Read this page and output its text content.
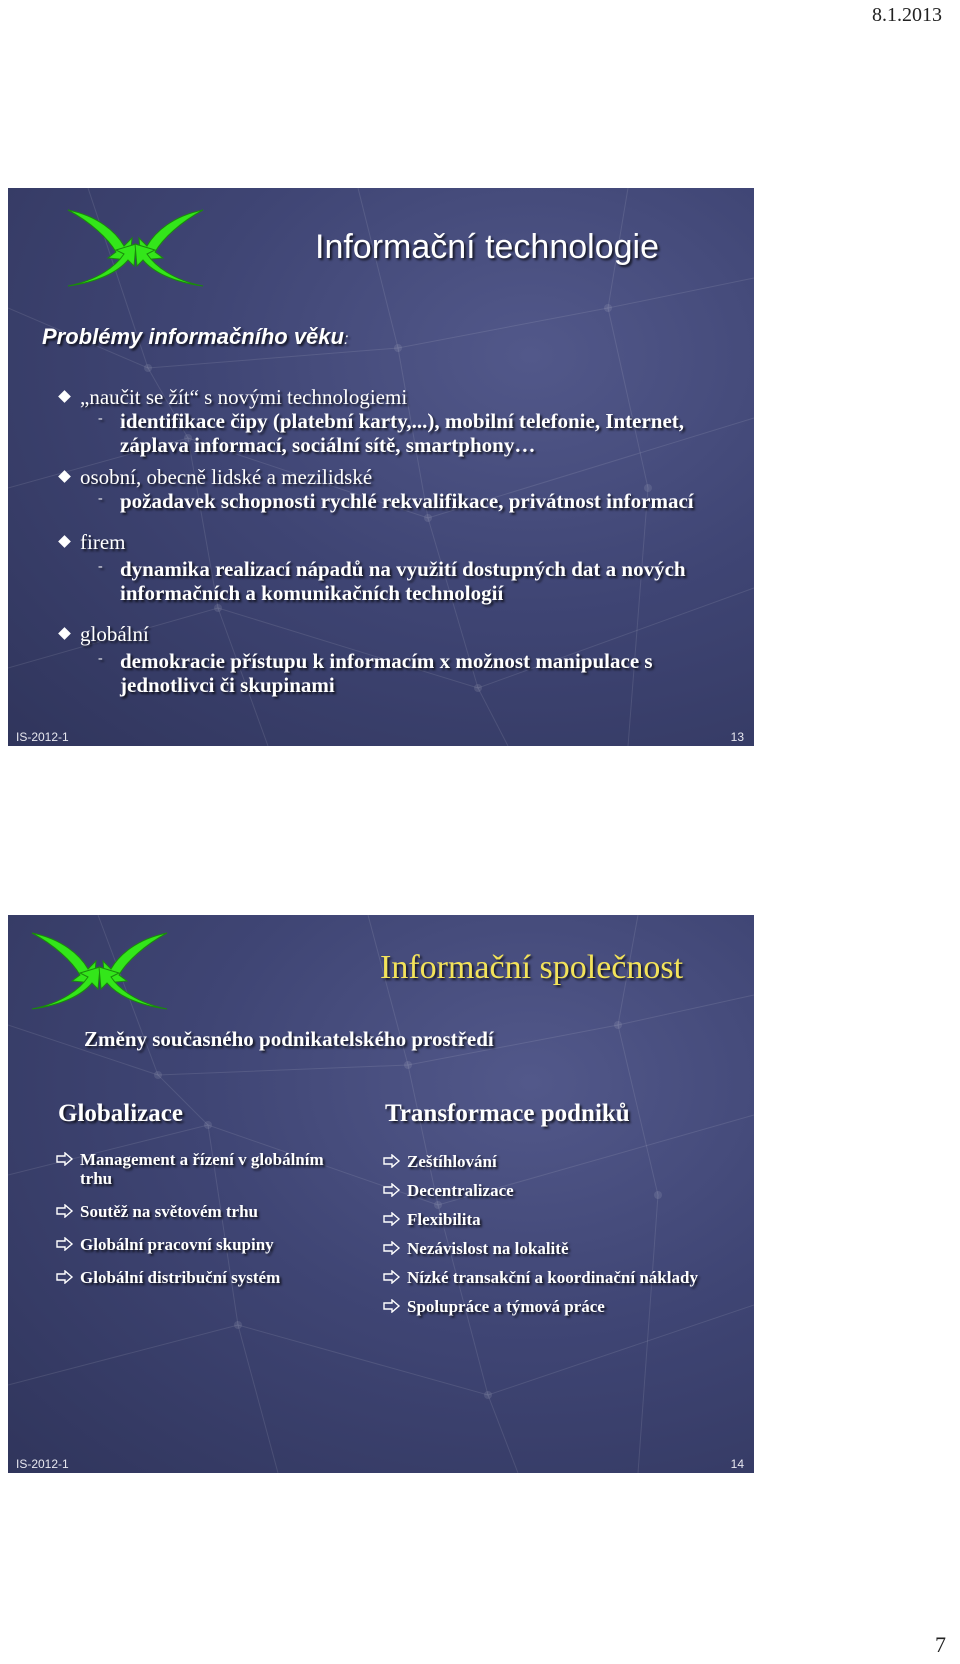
8.1.2013
Informační technologie
Problémy informačního věku:
„naučit se žít“ s novými technologiemi
- identifikace čipy (platební karty,...), mobilní telefonie, Internet, záplava informací, sociální sítě, smartphony…
osobní, obecně lidské a mezilidské
- požadavek schopnosti rychlé rekvalifikace, privátnost informací
firem
- dynamika realizací nápadů na využití dostupných dat a nových informačních a komunikačních technologií
globální
- demokracie přístupu k informacím x možnost manipulace s jednotlivci či skupinami
IS-2012-1	13
Informační společnost
Změny současného podnikatelského prostředí
Globalizace
Management a řízení v globálním trhu
Soutěž na světovém trhu
Globální pracovní skupiny
Globální distribuční systém
Transformace podniků
Zeštíhlování
Decentralizace
Flexibilita
Nezávislost na lokalitě
Nízké transakční a koordinační náklady
Spolupráce a týmová práce
IS-2012-1	14
7
